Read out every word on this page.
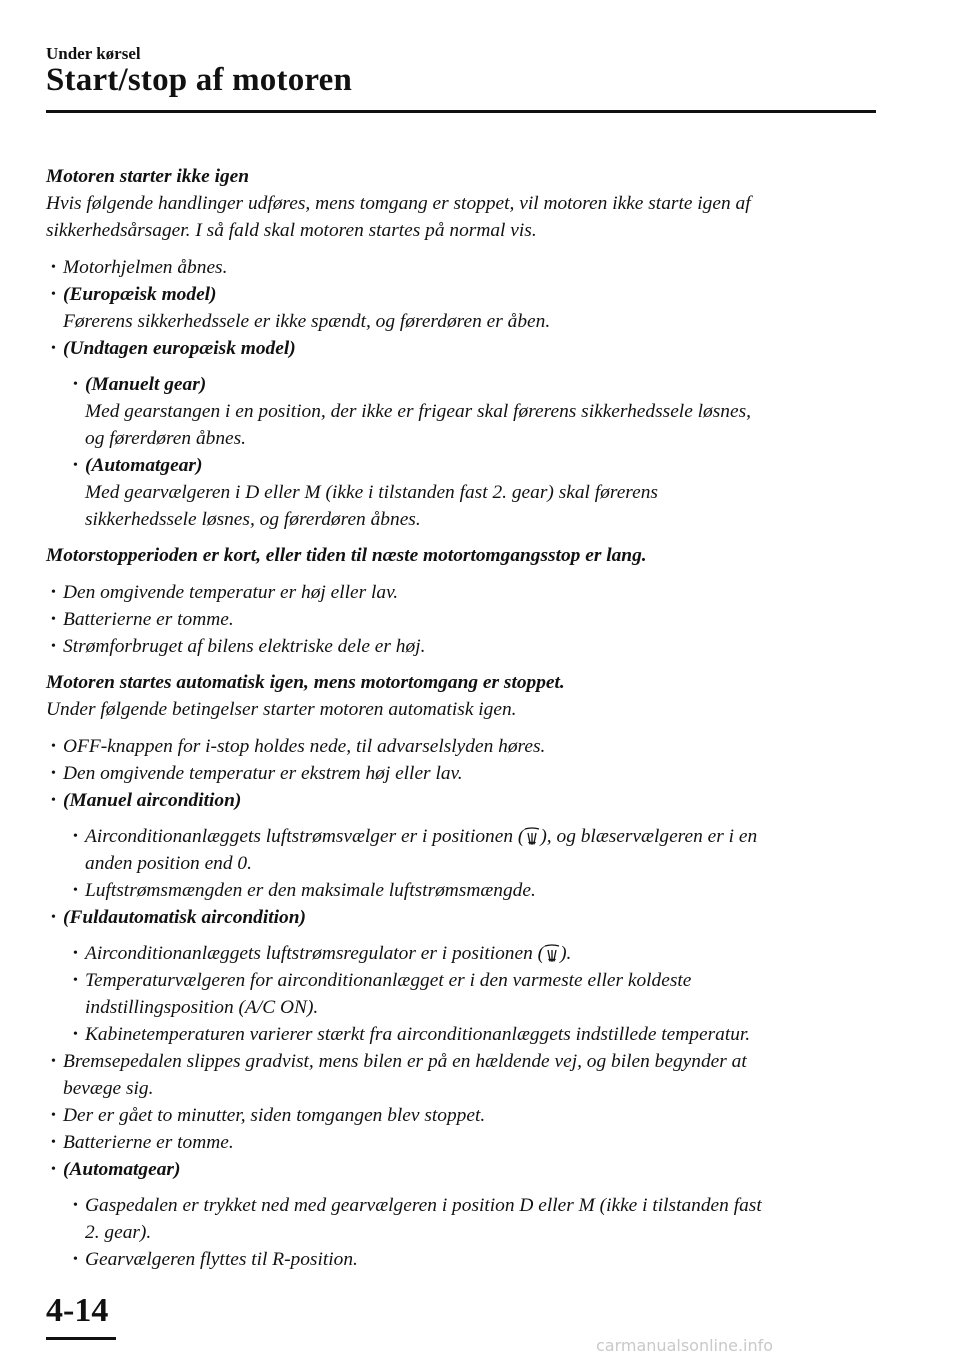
Under kørsel
Start/stop af motoren

Motoren starter ikke igen

Hvis følgende handlinger udføres, mens tomgang er stoppet, vil motoren ikke starte igen af

sikkerhedsårsager. I så fald skal motoren startes på normal vis.

• Motorhjelmen åbnes.
• (Europæisk model)
Førerens sikkerhedssele er ikke spændt, og førerdøren er åben.
• (Undtagen europæisk model)
• (Manuelt gear)
Med gearstangen i en position, der ikke er frigear skal førerens sikkerhedssele løsnes,
og førerdøren åbnes.
• (Automatgear)
Med gearvælgeren i D eller M (ikke i tilstanden fast 2. gear) skal førerens
sikkerhedssele løsnes, og førerdøren åbnes.

Motorstopperioden er kort, eller tiden til næste motortomgangsstop er lang.

• Den omgivende temperatur er høj eller lav.
• Batterierne er tomme.
• Strømforbruget af bilens elektriske dele er høj.

Motoren startes automatisk igen, mens motortomgang er stoppet.

Under følgende betingelser starter motoren automatisk igen.

• OFF-knappen for i-stop holdes nede, til advarselslyden høres.
• Den omgivende temperatur er ekstrem høj eller lav.
• (Manuel aircondition)
• Airconditionanlæggets luftstrømsvælger er i positionen ( ), og blæservælgeren er i en
anden position end 0.
• Luftstrømsmængden er den maksimale luftstrømsmængde.
• (Fuldautomatisk aircondition)
• Airconditionanlæggets luftstrømsregulator er i positionen ( ).
• Temperaturvælgeren for airconditionanlægget er i den varmeste eller koldeste
indstillingsposition (A/C ON).
• Kabinetemperaturen varierer stærkt fra airconditionanlæggets indstillede temperatur.
• Bremsepedalen slippes gradvist, mens bilen er på en hældende vej, og bilen begynder at
bevæge sig.
• Der er gået to minutter, siden tomgangen blev stoppet.
• Batterierne er tomme.
• (Automatgear)
• Gaspedalen er trykket ned med gearvælgeren i position D eller M (ikke i tilstanden fast
2. gear).
• Gearvælgeren flyttes til R-position.
4-14
carmanualsonline.info
